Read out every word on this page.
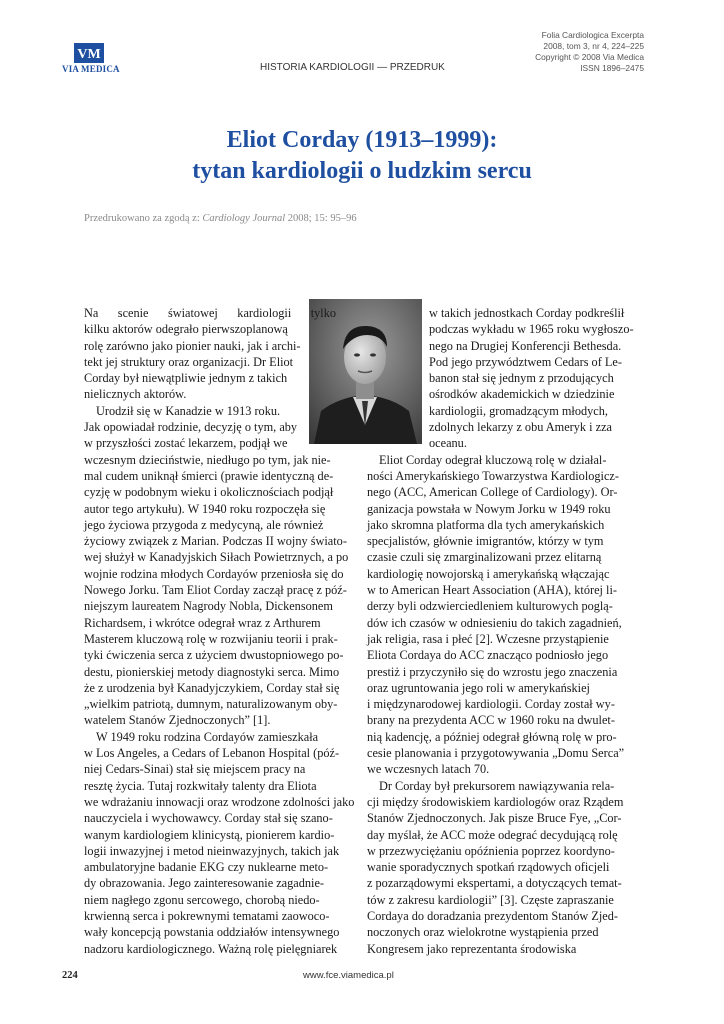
VM
VIA MEDICA	HISTORIA KARDIOLOGII — PRZEDRUK
Folia Cardiologica Excerpta
2008, tom 3, nr 4, 224–225
Copyright © 2008 Via Medica
ISSN 1896–2475
Eliot Corday (1913–1999):
tytan kardiologii o ludzkim sercu
Przedrukowano za zgodą z: Cardiology Journal 2008; 15: 95–96
Na scenie światowej kardiologii tylko
kilku aktorów odegrało pierwszoplanową
rolę zarówno jako pionier nauki, jak i archi-
tekt jej struktury oraz organizacji. Dr Eliot
Corday był niewątpliwie jednym z takich
nielicznych aktorów.
Urodził się w Kanadzie w 1913 roku.
Jak opowiadał rodzinie, decyzję o tym, aby
w przyszłości zostać lekarzem, podjął we
wczesnym dzieciństwie, niedługo po tym, jak nie-
mal cudem uniknął śmierci (prawie identyczną de-
cyzję w podobnym wieku i okolicznościach podjął
autor tego artykułu). W 1940 roku rozpoczęła się
jego życiowa przygoda z medycyną, ale również
życiowy związek z Marian. Podczas II wojny świato-
wej służył w Kanadyjskich Siłach Powietrznych, a po
wojnie rodzina młodych Cordayów przeniosła się do
Nowego Jorku. Tam Eliot Corday zaczął pracę z póź-
niejszym laureatem Nagrody Nobla, Dickensonem
Richardsem, i wkrótce odegrał wraz z Arthurem
Masterem kluczową rolę w rozwijaniu teorii i prak-
tyki ćwiczenia serca z użyciem dwustopniowego po-
destu, pionierskiej metody diagnostyki serca. Mimo
że z urodzenia był Kanadyjczykiem, Corday stał się
„wielkim patriotą, dumnym, naturalizowanym oby-
watelem Stanów Zjednoczonych” [1].
W 1949 roku rodzina Cordayów zamieszkała
w Los Angeles, a Cedars of Lebanon Hospital (póź-
niej Cedars-Sinai) stał się miejscem pracy na
resztę życia. Tutaj rozkwitały talenty dra Eliota
we wdrażaniu innowacji oraz wrodzone zdolności jako
nauczyciela i wychowawcy. Corday stał się szano-
wanym kardiologiem klinicystą, pionierem kardio-
logii inwazyjnej i metod nieinwazyjnych, takich jak
ambulatoryjne badanie EKG czy nuklearne meto-
dy obrazowania. Jego zainteresowanie zagadnie-
niem nagłego zgonu sercowego, chorobą niedo-
krwienną serca i pokrewnymi tematami zaowoco-
wały koncepcją powstania oddziałów intensywnego
nadzoru kardiologicznego. Ważną rolę pielęgniarek
w takich jednostkach Corday podkreślił
podczas wykładu w 1965 roku wygłoszo-
nego na Drugiej Konferencji Bethesda.
Pod jego przywództwem Cedars of Le-
banon stał się jednym z przodujących
ośrodków akademickich w dziedzinie
kardiologii, gromadzącym młodych,
zdolnych lekarzy z obu Ameryk i zza
oceanu.
Eliot Corday odegrał kluczową rolę w działal-
ności Amerykańskiego Towarzystwa Kardiologicz-
nego (ACC, American College of Cardiology). Or-
ganizacja powstała w Nowym Jorku w 1949 roku
jako skromna platforma dla tych amerykańskich
specjalistów, głównie imigrantów, którzy w tym
czasie czuli się zmarginalizowani przez elitarną
kardiologię nowojorską i amerykańską włączając
w to American Heart Association (AHA), której li-
derzy byli odzwierciedleniem kulturowych poglą-
dów ich czasów w odniesieniu do takich zagadnień,
jak religia, rasa i płeć [2]. Wczesne przystąpienie
Eliota Cordaya do ACC znacząco podniosło jego
prestiż i przyczyniło się do wzrostu jego znaczenia
oraz ugruntowania jego roli w amerykańskiej
i międzynarodowej kardiologii. Corday został wy-
brany na prezydenta ACC w 1960 roku na dwulet-
nią kadencję, a później odegrał główną rolę w pro-
cesie planowania i przygotowywania „Domu Serca”
we wczesnych latach 70.
Dr Corday był prekursorem nawiązywania rela-
cji między środowiskiem kardiologów oraz Rządem
Stanów Zjednoczonych. Jak pisze Bruce Fye, „Cor-
day myślał, że ACC może odegrać decydującą rolę
w przezwyciężaniu opóźnienia poprzez koordyno-
wanie sporadycznych spotkań rządowych oficjeli
z pozarządowymi ekspertami, a dotyczących temat-
tów z zakresu kardiologii” [3]. Częste zapraszanie
Cordaya do doradzania prezydentom Stanów Zjed-
noczonych oraz wielokrotne wystąpienia przed
Kongresem jako reprezentanta środowiska
224	www.fce.viamedica.pl
